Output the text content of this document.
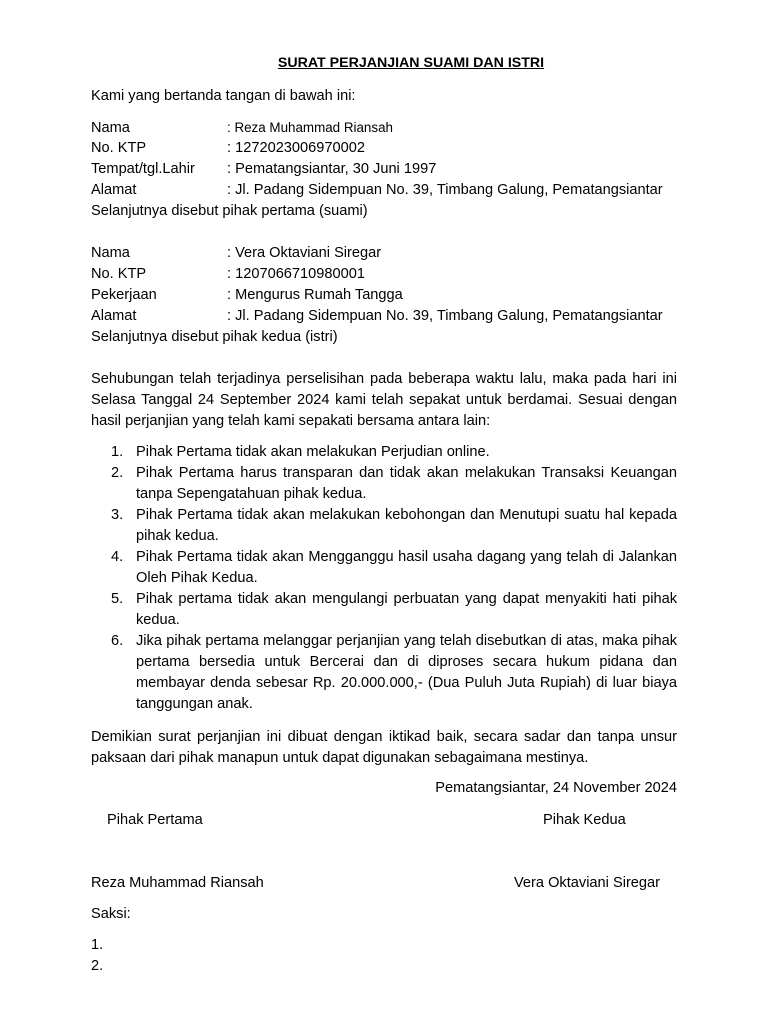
SURAT PERJANJIAN SUAMI DAN ISTRI
Kami yang bertanda tangan di bawah ini:
Nama	: Reza Muhammad Riansah
No. KTP	: 1272023006970002
Tempat/tgl.Lahir : Pematangsiantar, 30 Juni 1997
Alamat	: Jl. Padang Sidempuan No. 39, Timbang Galung, Pematangsiantar
Selanjutnya disebut pihak pertama (suami)
Nama	: Vera Oktaviani Siregar
No. KTP	: 1207066710980001
Pekerjaan	: Mengurus Rumah Tangga
Alamat	: Jl. Padang Sidempuan No. 39, Timbang Galung, Pematangsiantar
Selanjutnya disebut pihak kedua (istri)
Sehubungan telah terjadinya perselisihan pada beberapa waktu lalu, maka pada hari ini Selasa Tanggal 24 September 2024 kami telah sepakat untuk berdamai. Sesuai dengan hasil perjanjian yang telah kami sepakati bersama antara lain:
1. Pihak Pertama tidak akan melakukan Perjudian online.
2. Pihak Pertama harus transparan dan tidak akan melakukan Transaksi Keuangan tanpa Sepengatahuan pihak kedua.
3. Pihak Pertama tidak akan melakukan kebohongan dan Menutupi suatu hal kepada pihak kedua.
4. Pihak Pertama tidak akan Mengganggu hasil usaha dagang yang telah di Jalankan Oleh Pihak Kedua.
5. Pihak pertama tidak akan mengulangi perbuatan yang dapat menyakiti hati pihak kedua.
6. Jika pihak pertama melanggar perjanjian yang telah disebutkan di atas, maka pihak pertama bersedia untuk Bercerai dan di diproses secara hukum pidana dan membayar denda sebesar Rp. 20.000.000,- (Dua Puluh Juta Rupiah) di luar biaya tanggungan anak.
Demikian surat perjanjian ini dibuat dengan iktikad baik, secara sadar dan tanpa unsur paksaan dari pihak manapun untuk dapat digunakan sebagaimana mestinya.
Pematangsiantar, 24 November 2024
Pihak Pertama	Pihak Kedua
Reza Muhammad Riansah	Vera Oktaviani Siregar
Saksi:
1.
2.
